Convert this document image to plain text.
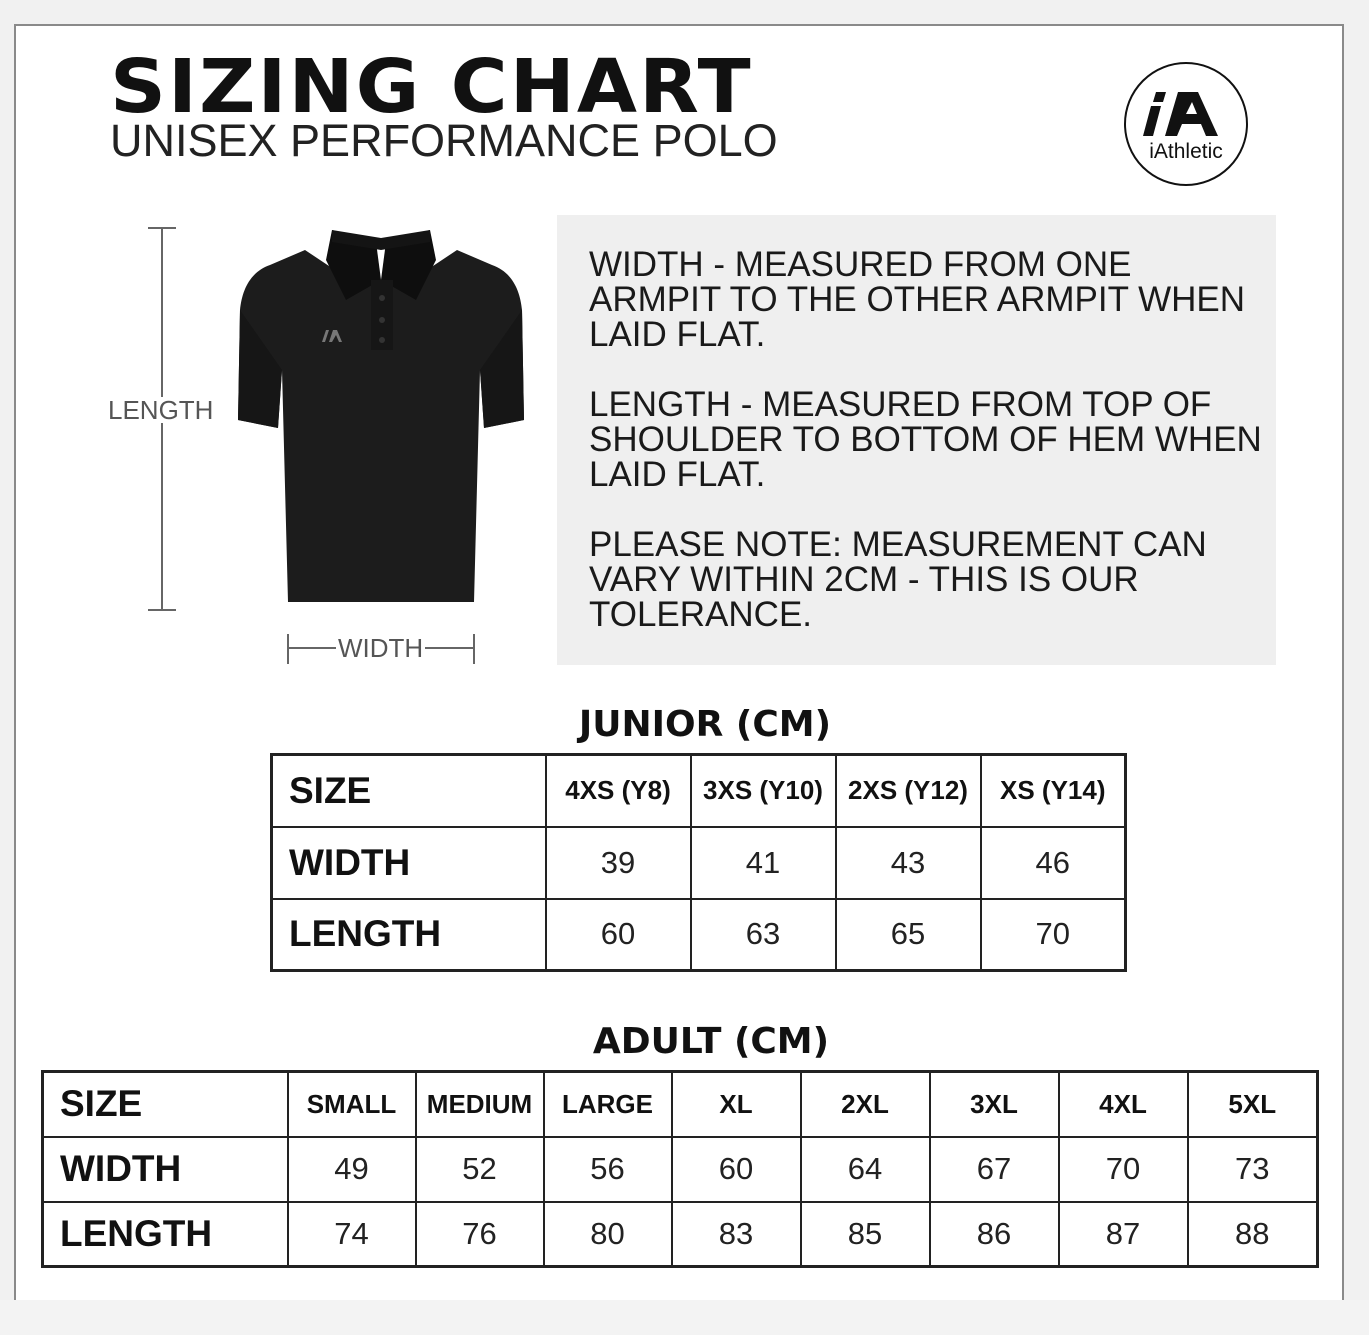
SIZING CHART
UNISEX PERFORMANCE POLO	iAthletic
LENGTH
WIDTH

WIDTH - MEASURED FROM ONE ARMPIT TO THE OTHER ARMPIT WHEN LAID FLAT.

LENGTH - MEASURED FROM TOP OF SHOULDER TO BOTTOM OF HEM WHEN LAID FLAT.

PLEASE NOTE: MEASUREMENT CAN VARY WITHIN 2CM - THIS IS OUR TOLERANCE.

JUNIOR (CM)
SIZE	4XS (Y8)	3XS (Y10)	2XS (Y12)	XS (Y14)
WIDTH	39	41	43	46
LENGTH	60	63	65	70
ADULT (CM)
SIZE	SMALL	MEDIUM	LARGE	XL	2XL	3XL	4XL	5XL
WIDTH	49	52	56	60	64	67	70	73
LENGTH	74	76	80	83	85	86	87	88
